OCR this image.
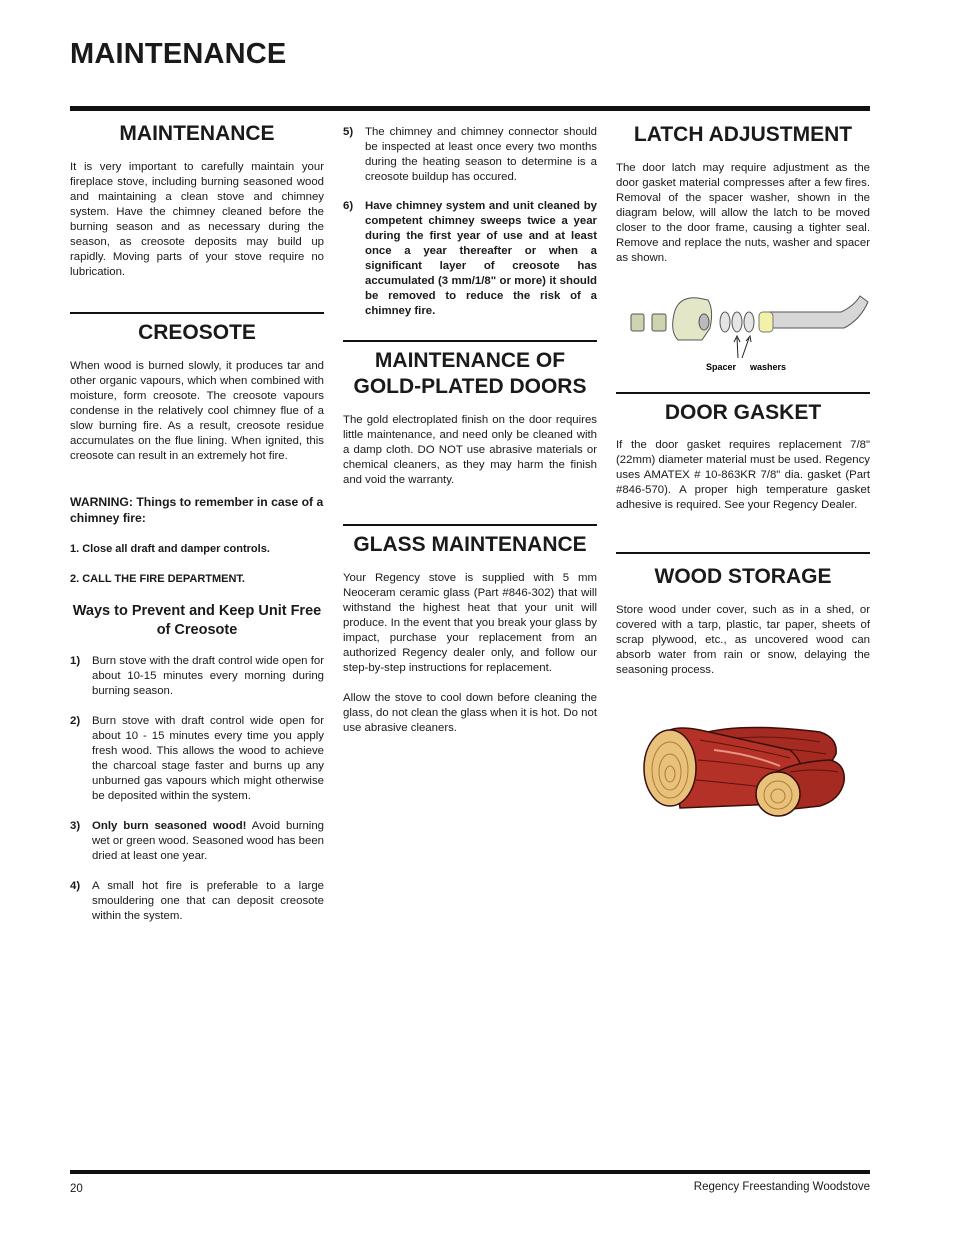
MAINTENANCE
MAINTENANCE

It is very important to carefully maintain your fireplace stove, including burning seasoned wood and maintaining a clean stove and chimney system. Have the chimney cleaned before the burning season and as necessary during the season, as creosote deposits may build up rapidly. Moving parts of your stove require no lubrication.

CREOSOTE

When wood is burned slowly, it produces tar and other organic vapours, which when combined with moisture, form creosote. The creosote vapours condense in the relatively cool chimney flue of a slow burning fire. As a result, creosote residue accumulates on the flue lining. When ignited, this creosote can result in an extremely hot fire.

WARNING: Things to remember in case of a chimney fire:

1. Close all draft and damper controls.
2. CALL THE FIRE DEPARTMENT.
Ways to Prevent and Keep Unit Free of Creosote
1) Burn stove with the draft control wide open for about 10-15 minutes every morning during burning season.
2) Burn stove with draft control wide open for about 10 - 15 minutes every time you apply fresh wood. This allows the wood to achieve the charcoal stage faster and burns up any unburned gas vapours which might otherwise be deposited within the system.
3) Only burn seasoned wood! Avoid burning wet or green wood. Seasoned wood has been dried at least one year.
4) A small hot fire is preferable to a large smouldering one that can deposit creosote within the system.
5) The chimney and chimney connector should be inspected at least once every two months during the heating season to determine is a creosote buildup has occured.
6) Have chimney system and unit cleaned by competent chimney sweeps twice a year during the first year of use and at least once a year thereafter or when a significant layer of creosote has accumulated (3 mm/1/8" or more) it should be removed to reduce the risk of a chimney fire.
MAINTENANCE OF
GOLD-PLATED DOORS

The gold electroplated finish on the door requires little maintenance, and need only be cleaned with a damp cloth. DO NOT use abrasive materials or chemical cleaners, as they may harm the finish and void the warranty.

GLASS MAINTENANCE

Your Regency stove is supplied with 5 mm Neoceram ceramic glass (Part #846-302) that will withstand the highest heat that your unit will produce. In the event that you break your glass by impact, purchase your replacement from an authorized Regency dealer only, and follow our step-by-step instructions for replacement.

Allow the stove to cool down before cleaning the glass, do not clean the glass when it is hot. Do not use abrasive cleaners.

LATCH ADJUSTMENT

The door latch may require adjustment as the door gasket material compresses after a few fires. Removal of the spacer washer, shown in the diagram below, will allow the latch to be moved closer to the door frame, causing a tighter seal. Remove and replace the nuts, washer and spacer as shown.

Spacer washers
DOOR GASKET

If the door gasket requires replacement 7/8" (22mm) diameter material must be used. Regency uses AMATEX # 10-863KR 7/8" dia. gasket (Part #846-570). A proper high temperature gasket adhesive is required. See your Regency Dealer.

WOOD STORAGE

Store wood under cover, such as in a shed, or covered with a tarp, plastic, tar paper, sheets of scrap plywood, etc., as uncovered wood can absorb water from rain or snow, delaying the seasoning process.

20	Regency Freestanding Woodstove
